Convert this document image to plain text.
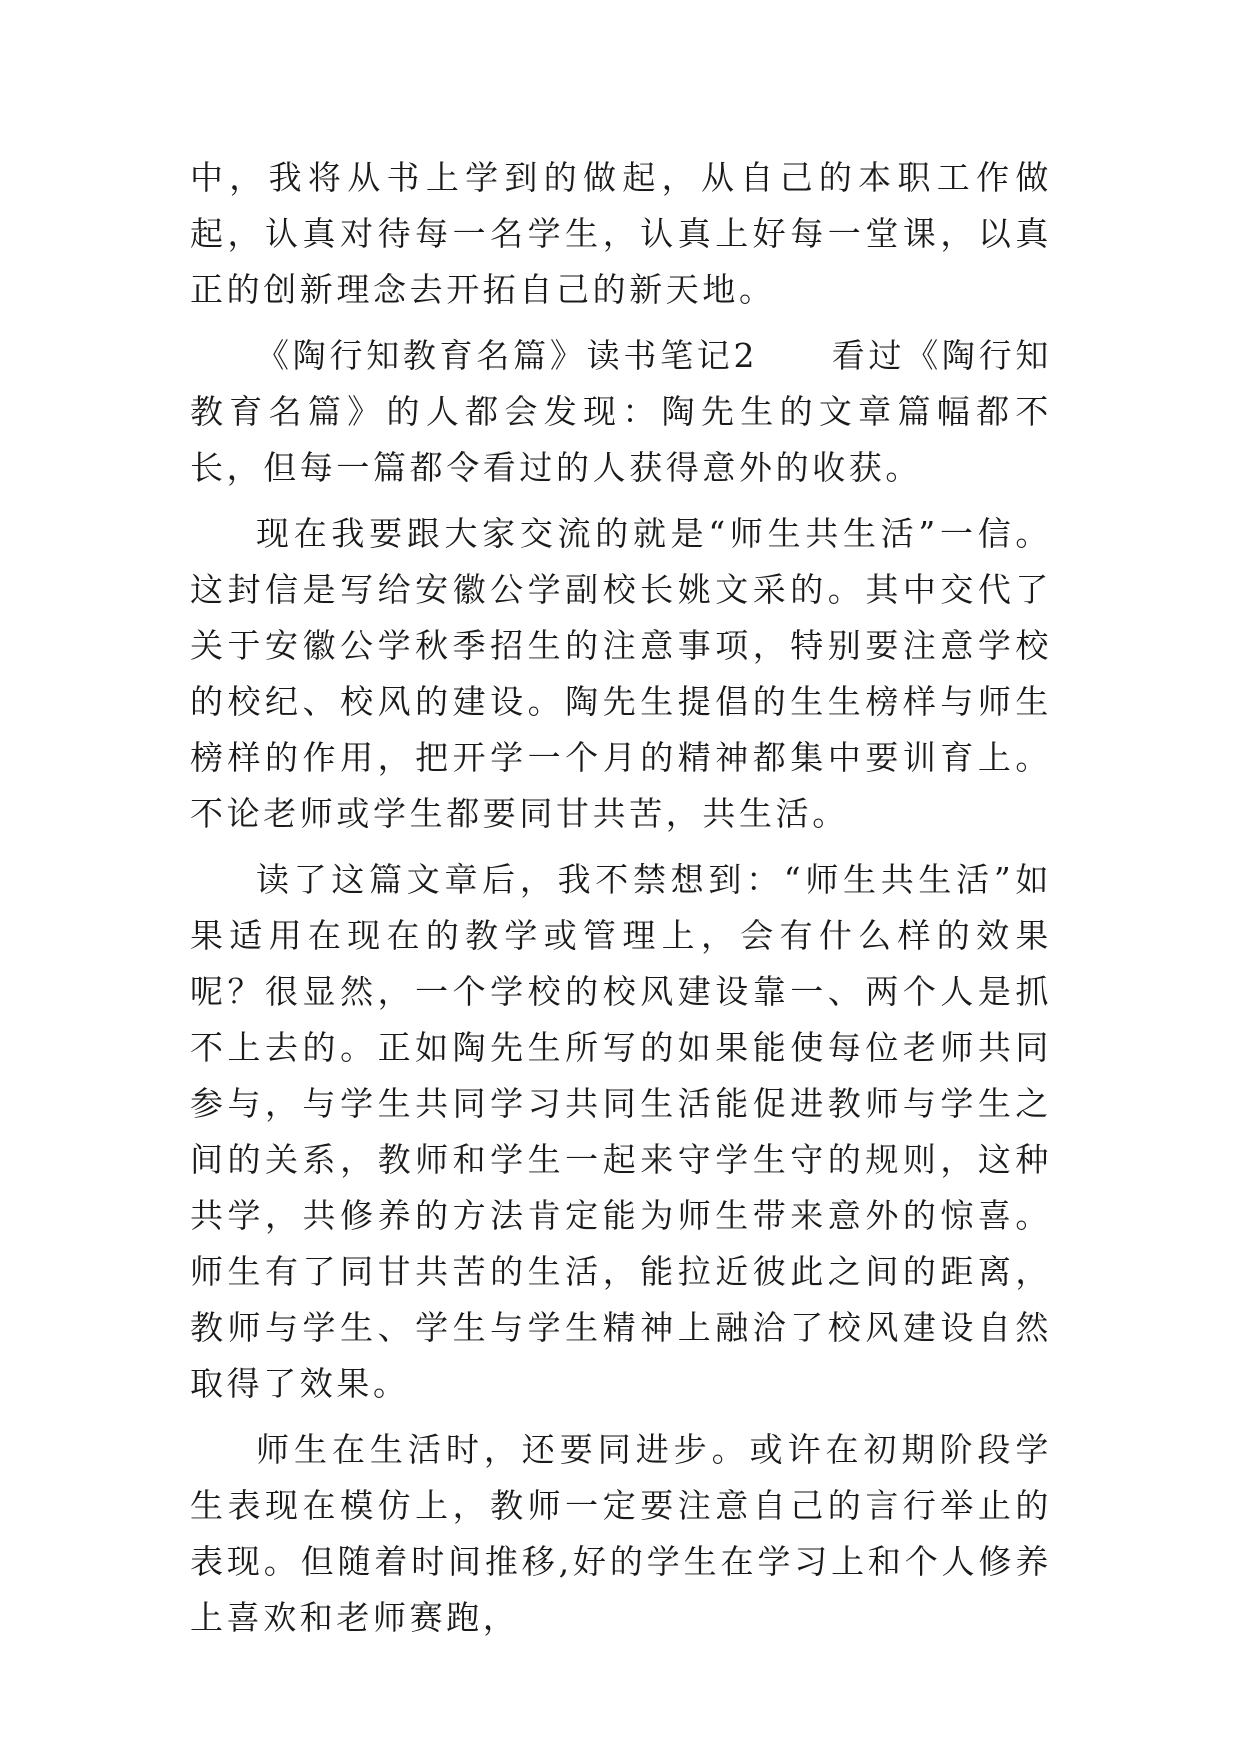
中，我将从书上学到的做起，从自己的本职工作做起，认真对待每一名学生，认真上好每一堂课，以真正的创新理念去开拓自己的新天地。

《陶行知教育名篇》读书笔记2　　看过《陶行知教育名篇》的人都会发现：陶先生的文章篇幅都不长，但每一篇都令看过的人获得意外的收获。

现在我要跟大家交流的就是“师生共生活”一信。这封信是写给安徽公学副校长姚文采的。其中交代了关于安徽公学秋季招生的注意事项，特别要注意学校的校纪、校风的建设。陶先生提倡的生生榜样与师生榜样的作用，把开学一个月的精神都集中要训育上。不论老师或学生都要同甘共苦，共生活。

读了这篇文章后，我不禁想到：“师生共生活”如果适用在现在的教学或管理上，会有什么样的效果呢？很显然，一个学校的校风建设靠一、两个人是抓不上去的。正如陶先生所写的如果能使每位老师共同参与，与学生共同学习共同生活能促进教师与学生之间的关系，教师和学生一起来守学生守的规则，这种共学，共修养的方法肯定能为师生带来意外的惊喜。师生有了同甘共苦的生活，能拉近彼此之间的距离，教师与学生、学生与学生精神上融洽了校风建设自然取得了效果。

师生在生活时，还要同进步。或许在初期阶段学生表现在模仿上，教师一定要注意自己的言行举止的表现。但随着时间推移,好的学生在学习上和个人修养上喜欢和老师赛跑，
